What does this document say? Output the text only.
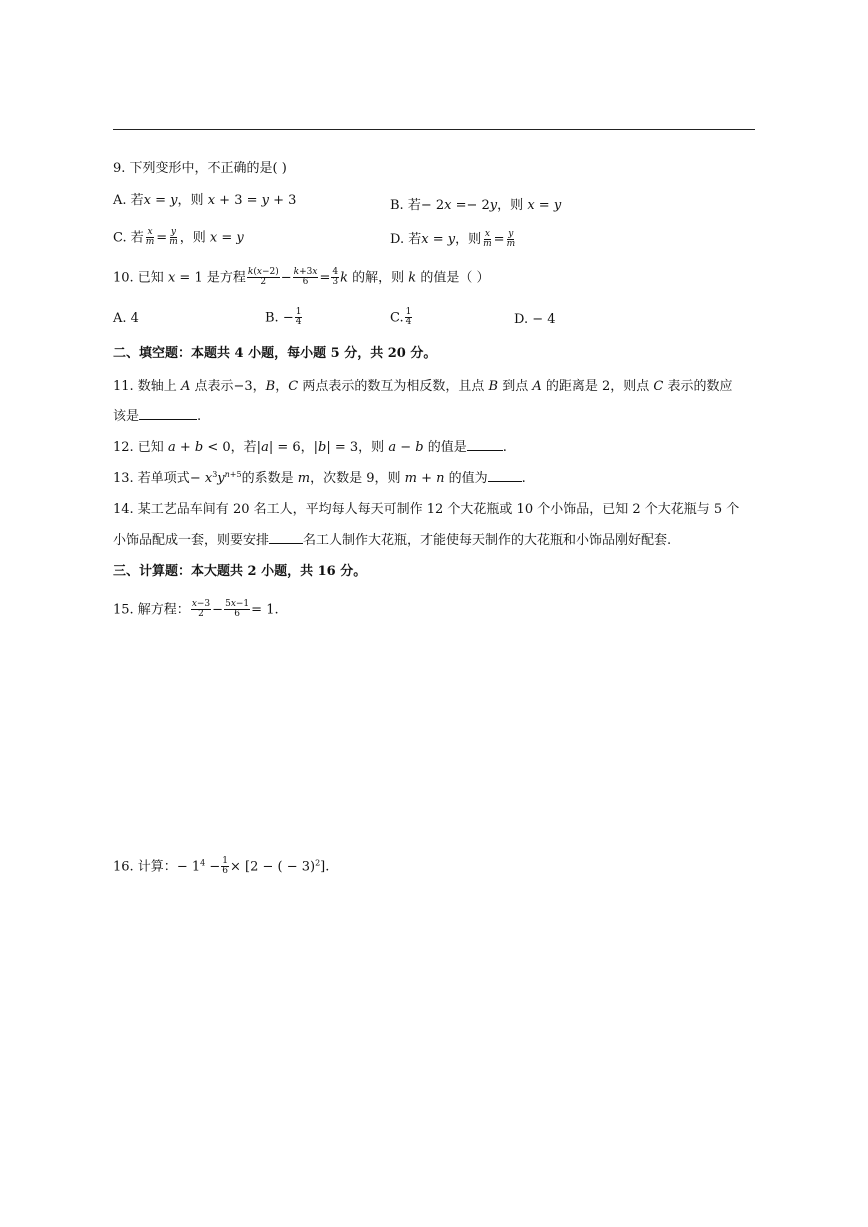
9. 下列变形中，不正确的是( )
A. 若x = y，则 x + 3 = y + 3	B. 若− 2x =− 2y，则 x = y
C. 若 $\frac{x}{m} = \frac{y}{m}$ ，则 x = y	D. 若x = y，则 $\frac{x}{m} = \frac{y}{m}$
10. 已知 x = 1 是方程 $\frac{k(x-2)}{2} - \frac{k+3x}{6} = \frac{4}{3}$ k 的解，则 k 的值是（ ）
A. 4	B. − $\frac{1}{4}$	C. $\frac{1}{4}$	D. − 4
二、填空题：本题共 4 小题，每小题 5 分，共 20 分。
11. 数轴上 A 点表示−3，B，C 两点表示的数互为相反数，且点 B 到点 A 的距离是 2，则点 C 表示的数应
该是	.
12. 已知 a + b < 0，若|a| = 6，|b| = 3，则 a − b 的值是	.
13. 若单项式− $x^3y^{n+5}$的系数是 m，次数是 9，则 m + n 的值为	.
14. 某工艺品车间有 20 名工人，平均每人每天可制作 12 个大花瓶或 10 个小饰品，已知 2 个大花瓶与 5 个
小饰品配成一套，则要安排	名工人制作大花瓶，才能使每天制作的大花瓶和小饰品刚好配套.
三、计算题：本大题共 2 小题，共 16 分。
15. 解方程： $\frac{x-3}{2} - \frac{5x-1}{6} = 1$.
16. 计算：− $1^4 - \frac{1}{6} \times [2$ − ( − 3)$^2$].
